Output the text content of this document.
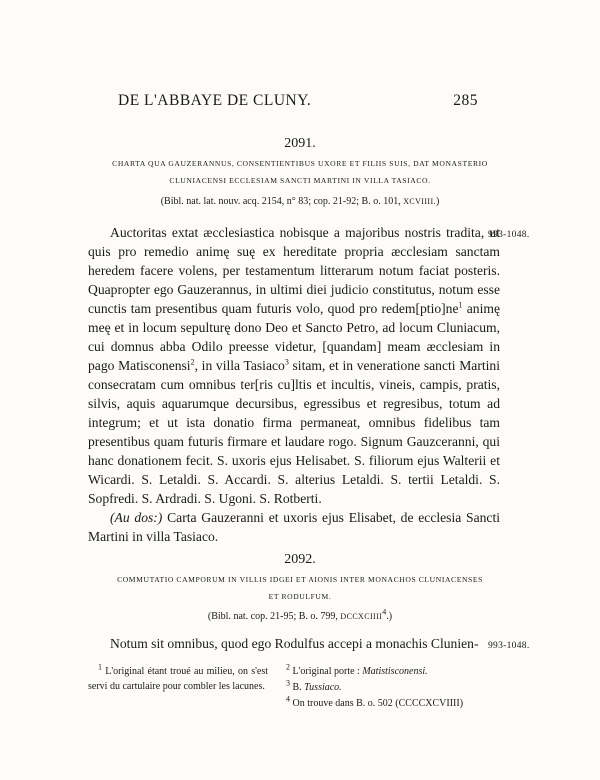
DE L'ABBAYE DE CLUNY.	285
2091.
CHARTA QUA GAUZERANNUS, CONSENTIENTIBUS UXORE ET FILIIS SUIS, DAT MONASTERIO
CLUNIACENSI ECCLESIAM SANCTI MARTINI IN VILLA TASIACO.
(Bibl. nat. lat. nouv. acq. 2154, n° 83; cop. 21-92; B. o. 101, XCVIIII.)
993-1048.

Auctoritas extat æcclesiastica nobisque a majoribus nostris tradita, ut quis pro remedio animę suę ex hereditate propria æcclesiam sanctam heredem facere volens, per testamentum litterarum notum faciat posteris. Quapropter ego Gauzerannus, in ultimi diei judicio constitutus, notum esse cunctis tam presentibus quam futuris volo, quod pro $redem[ptio]ne^1$ animę meę et in locum sepulturę dono Deo et Sancto Petro, ad locum Cluniacum, cui domnus abba Odilo preesse videtur, [quandam] meam æcclesiam in pago Matisconensi$^2$, in villa Tasiaco$^3$ sitam, et in veneratione sancti Martini consecratam cum omnibus ter[ris cu]ltis et incultis, vineis, campis, pratis, silvis, aquis aquarumque decursibus, egressibus et regresibus, totum ad integrum; et ut ista donatio firma permaneat, omnibus fidelibus tam presentibus quam futuris firmare et laudare rogo. Signum Gauzceranni, qui hanc donationem fecit. S. uxoris ejus Helisabet. S. filiorum ejus Walterii et Wicardi. S. Letaldi. S. Accardi. S. alterius Letaldi. S. tertii Letaldi. S. Sopfredi. S. Ardradi. S. Ugoni. S. Rotberti.

(Au dos:) Carta Gauzeranni et uxoris ejus Elisabet, de ecclesia Sancti Martini in villa Tasiaco.

2092.
COMMUTATIO CAMPORUM IN VILLIS IDGEI ET AIONIS INTER MONACHOS CLUNIACENSES
ET RODULFUM.
(Bibl. nat. cop. 21-95; B. o. 799, DCCXCIIII$^4$.)
993-1048.

Notum sit omnibus, quod ego Rodulfus accepi a monachis Clunien-

$^1$ L'original étant troué au milieu, on s'est servi du cartulaire pour combler les lacunes.

$^2$ L'original porte : Matistisconensi.

$^3$ B. Tussiaco.

$^4$ On trouve dans B. o. 502 (CCCCXCVIIII)
